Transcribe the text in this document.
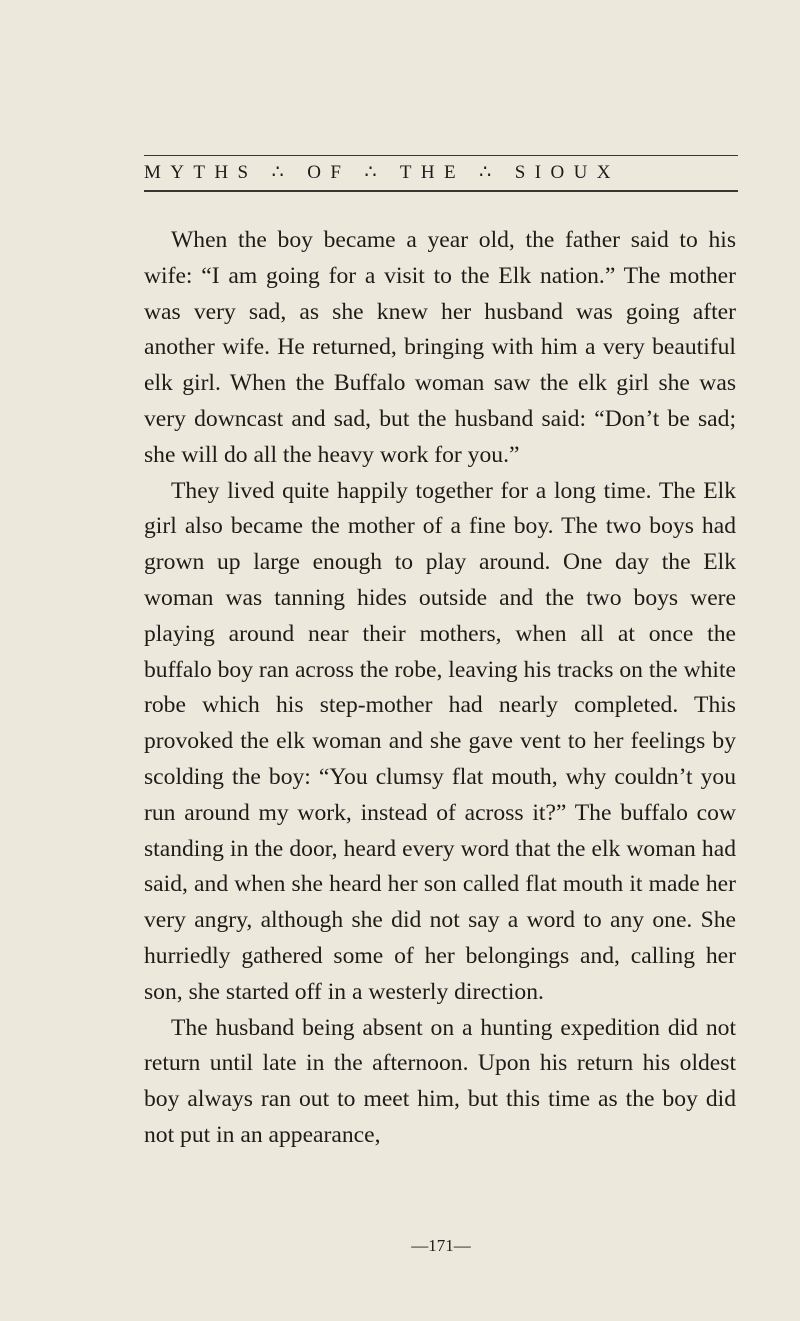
MYTHS ∴ OF ∴ THE ∴ SIOUX

When the boy became a year old, the father said to his wife: “I am going for a visit to the Elk nation.” The mother was very sad, as she knew her husband was going after another wife. He returned, bringing with him a very beautiful elk girl. When the Buffalo woman saw the elk girl she was very downcast and sad, but the husband said: “Don’t be sad; she will do all the heavy work for you.”

They lived quite happily together for a long time. The Elk girl also became the mother of a fine boy. The two boys had grown up large enough to play around. One day the Elk woman was tanning hides outside and the two boys were playing around near their mothers, when all at once the buffalo boy ran across the robe, leaving his tracks on the white robe which his step-mother had nearly completed. This provoked the elk woman and she gave vent to her feelings by scolding the boy: “You clumsy flat mouth, why couldn’t you run around my work, instead of across it?” The buffalo cow standing in the door, heard every word that the elk woman had said, and when she heard her son called flat mouth it made her very angry, although she did not say a word to any one. She hurriedly gathered some of her belongings and, calling her son, she started off in a westerly direction.

The husband being absent on a hunting expedition did not return until late in the afternoon. Upon his return his oldest boy always ran out to meet him, but this time as the boy did not put in an appearance,

—171—
